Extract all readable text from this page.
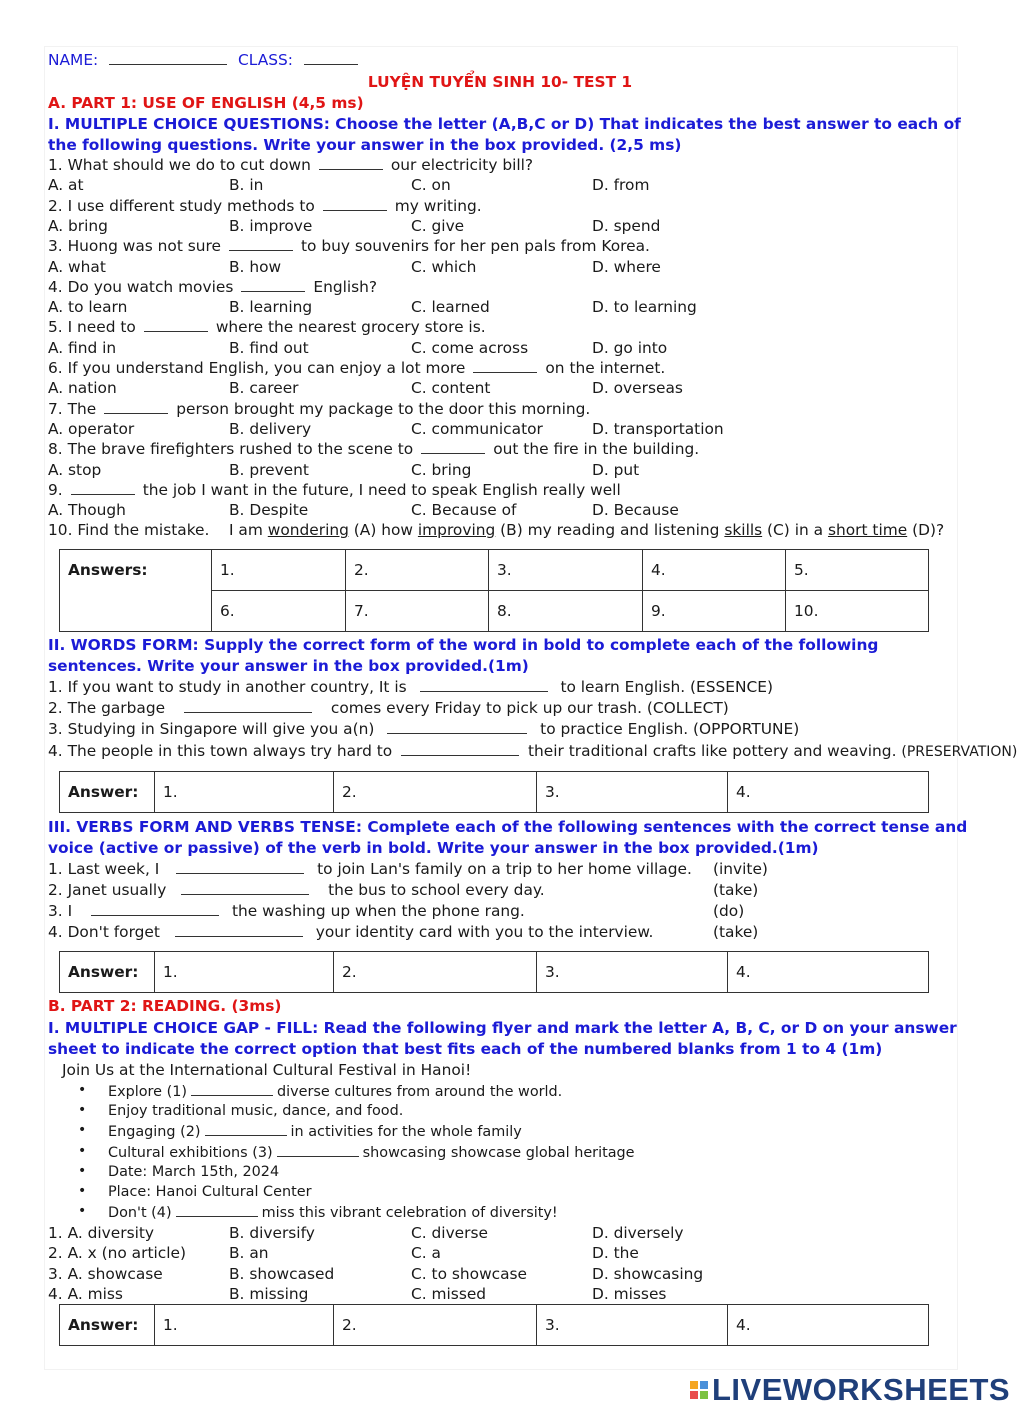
NAME:	CLASS:
LUYỆN TUYỂN SINH 10- TEST 1
A. PART 1: USE OF ENGLISH (4,5 ms)
I. MULTIPLE CHOICE QUESTIONS: Choose the letter (A,B,C or D) That indicates the best answer to each of
the following questions. Write your answer in the box provided. (2,5 ms)
1. What should we do to cut down	our electricity bill?
A. at	B. in	C. on	D. from
2. I use different study methods to	my writing.
A. bring	B. improve	C. give	D. spend
3. Huong was not sure	to buy souvenirs for her pen pals from Korea.
A. what	B. how	C. which	D. where
4. Do you watch movies	English?
A. to learn	B. learning	C. learned	D. to learning
5. I need to	where the nearest grocery store is.
A. find in	B. find out	C. come across	D. go into
6. If you understand English, you can enjoy a lot more	on the internet.
A. nation	B. career	C. content	D. overseas
7. The	person brought my package to the door this morning.
A. operator	B. delivery	C. communicator	D. transportation
8. The brave firefighters rushed to the scene to	out the fire in the building.
A. stop	B. prevent	C. bring	D. put
9.	the job I want in the future, I need to speak English really well
A. Though	B. Despite	C. Because of	D. Because
10. Find the mistake. I am wondering (A) how improving (B) my reading and listening skills (C) in a short time (D)?
Answers:	1.	2.	3.	4.	5.
	6.	7.	8.	9.	10.
II. WORDS FORM: Supply the correct form of the word in bold to complete each of the following
sentences. Write your answer in the box provided.(1m)
1. If you want to study in another country, It is	to learn English. (ESSENCE)
2. The garbage	comes every Friday to pick up our trash. (COLLECT)
3. Studying in Singapore will give you a(n)	to practice English. (OPPORTUNE)
4. The people in this town always try hard to	their traditional crafts like pottery and weaving. (PRESERVATION)
Answer:	1.	2.	3.	4.
III. VERBS FORM AND VERBS TENSE: Complete each of the following sentences with the correct tense and
voice (active or passive) of the verb in bold. Write your answer in the box provided.(1m)
1. Last week, I	to join Lan's family on a trip to her home village. (invite)
2. Janet usually	the bus to school every day.	(take)
3. I	the washing up when the phone rang.	(do)
4. Don't forget	your identity card with you to the interview.	(take)
Answer:	1.	2.	3.	4.
B. PART 2: READING. (3ms)
I. MULTIPLE CHOICE GAP - FILL: Read the following flyer and mark the letter A, B, C, or D on your answer
sheet to indicate the correct option that best fits each of the numbered blanks from 1 to 4 (1m)
Join Us at the International Cultural Festival in Hanoi!
• Explore (1)	diverse cultures from around the world.
• Enjoy traditional music, dance, and food.
• Engaging (2)	in activities for the whole family
• Cultural exhibitions (3)	showcasing showcase global heritage
• Date: March 15th, 2024
• Place: Hanoi Cultural Center
• Don't (4)	miss this vibrant celebration of diversity!
1. A. diversity	B. diversify	C. diverse	D. diversely
2. A. x (no article)	B. an	C. a	D. the
3. A. showcase	B. showcased	C. to showcase	D. showcasing
4. A. miss	B. missing	C. missed	D. misses
Answer:	1.	2.	3.	4.
LIVEWORKSHEETS
